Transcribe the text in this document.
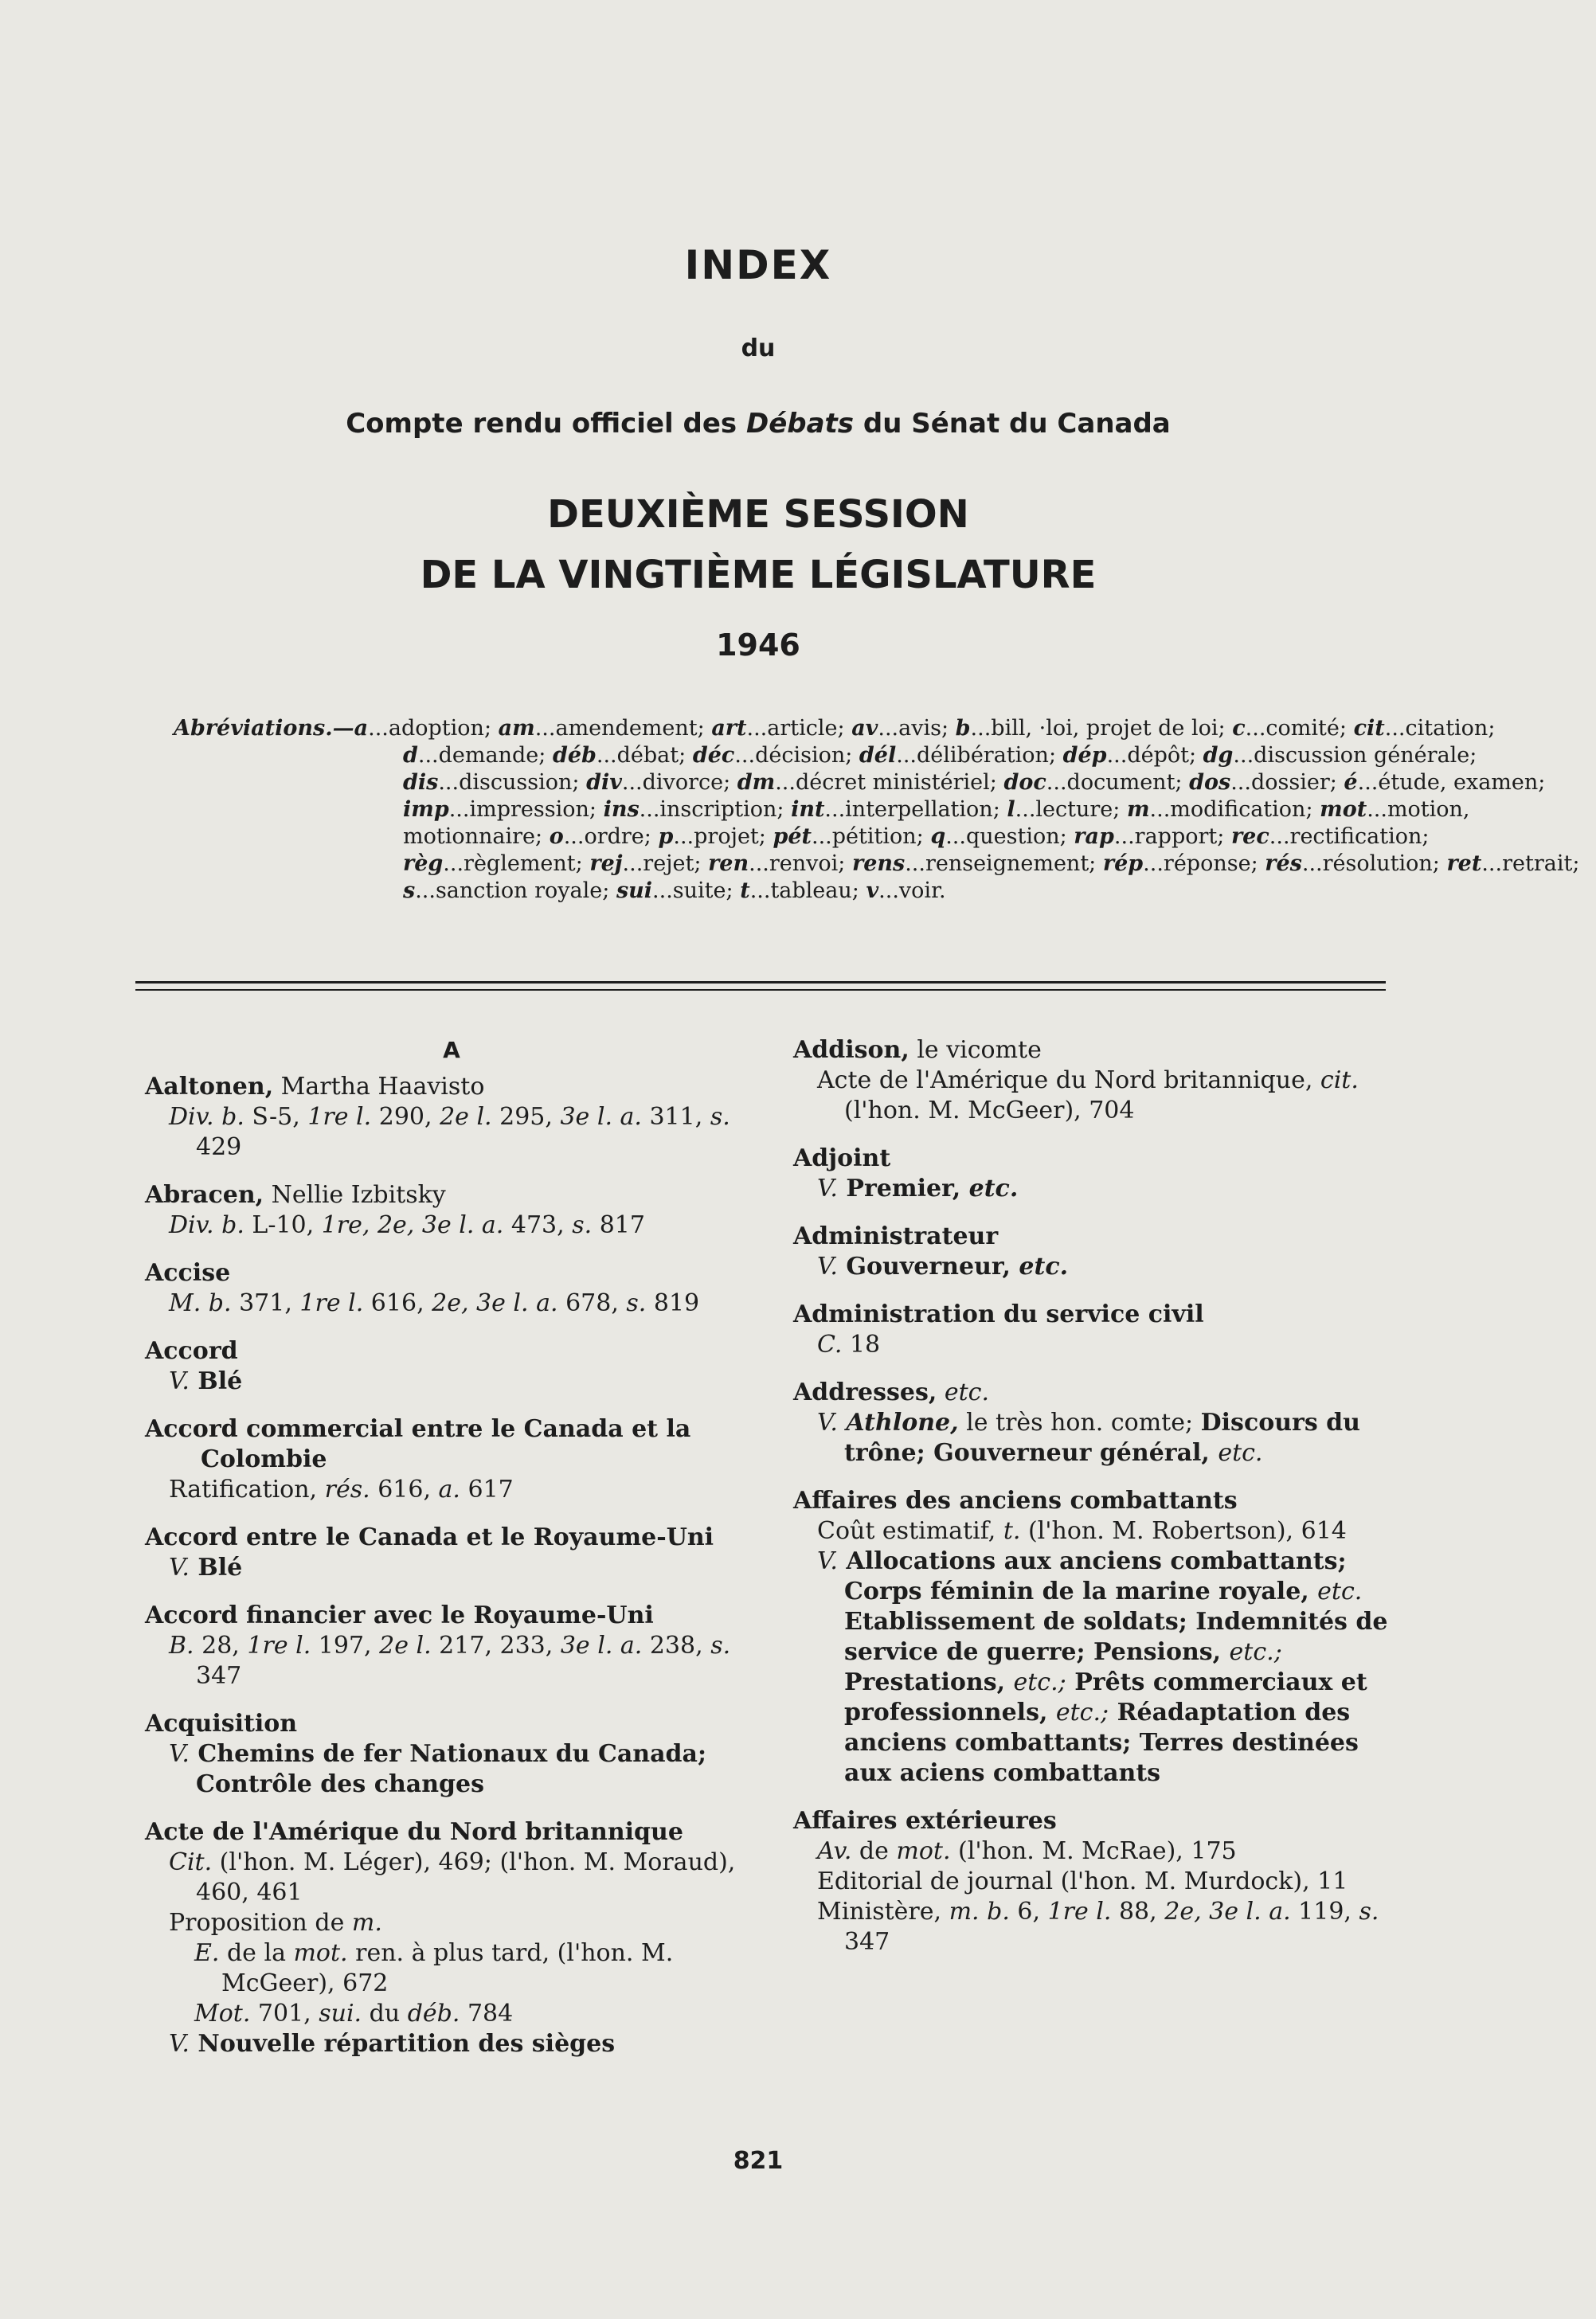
INDEX
du
Compte rendu officiel des Débats du Sénat du Canada
DEUXIÈME SESSION
DE LA VINGTIÈME LÉGISLATURE
1946
Abréviations.—a...adoption; am...amendement; art...article; av...avis; b...bill, ·loi, projet de loi; c...comité; cit...citation; d...demande; déb...débat; déc...décision; dél...délibération; dép...dépôt; dg...discussion générale; dis...discussion; div...divorce; dm...décret ministériel; doc...document; dos...dossier; é...étude, examen; imp...impression; ins...inscription; int...interpellation; l...lecture; m...modification; mot...motion, motionnaire; o...ordre; p...projet; pét...pétition; q...question; rap...rapport; rec...rectification; règ...règlement; rej...rejet; ren...renvoi; rens...renseignement; rép...réponse; rés...résolution; ret...retrait; s...sanction royale; sui...suite; t...tableau; v...voir.
A
Aaltonen, Martha Haavisto
Div. b. S-5, 1re l. 290, 2e l. 295, 3e l. a. 311, s. 429
Abracen, Nellie Izbitsky
Div. b. L-10, 1re, 2e, 3e l. a. 473, s. 817
Accise
M. b. 371, 1re l. 616, 2e, 3e l. a. 678, s. 819
Accord
V. Blé
Accord commercial entre le Canada et la Colombie
Ratification, rés. 616, a. 617
Accord entre le Canada et le Royaume-Uni
V. Blé
Accord financier avec le Royaume-Uni
B. 28, 1re l. 197, 2e l. 217, 233, 3e l. a. 238, s. 347
Acquisition
V. Chemins de fer Nationaux du Canada; Contrôle des changes
Acte de l'Amérique du Nord britannique
Cit. (l'hon. M. Léger), 469; (l'hon. M. Moraud), 460, 461
Proposition de m.
E. de la mot. ren. à plus tard, (l'hon. M. McGeer), 672
Mot. 701, sui. du déb. 784
V. Nouvelle répartition des sièges
Addison, le vicomte
Acte de l'Amérique du Nord britannique, cit. (l'hon. M. McGeer), 704
Adjoint
V. Premier, etc.
Administrateur
V. Gouverneur, etc.
Administration du service civil
C. 18
Addresses, etc.
V. Athlone, le très hon. comte; Discours du trône; Gouverneur général, etc.
Affaires des anciens combattants
Coût estimatif, t. (l'hon. M. Robertson), 614
V. Allocations aux anciens combattants; Corps féminin de la marine royale, etc. Etablissement de soldats; Indemnités de service de guerre; Pensions, etc.; Prestations, etc.; Prêts commerciaux et professionnels, etc.; Réadaptation des anciens combattants; Terres destinées aux aciens combattants
Affaires extérieures
Av. de mot. (l'hon. M. McRae), 175
Editorial de journal (l'hon. M. Murdock), 11
Ministère, m. b. 6, 1re l. 88, 2e, 3e l. a. 119, s. 347
821
